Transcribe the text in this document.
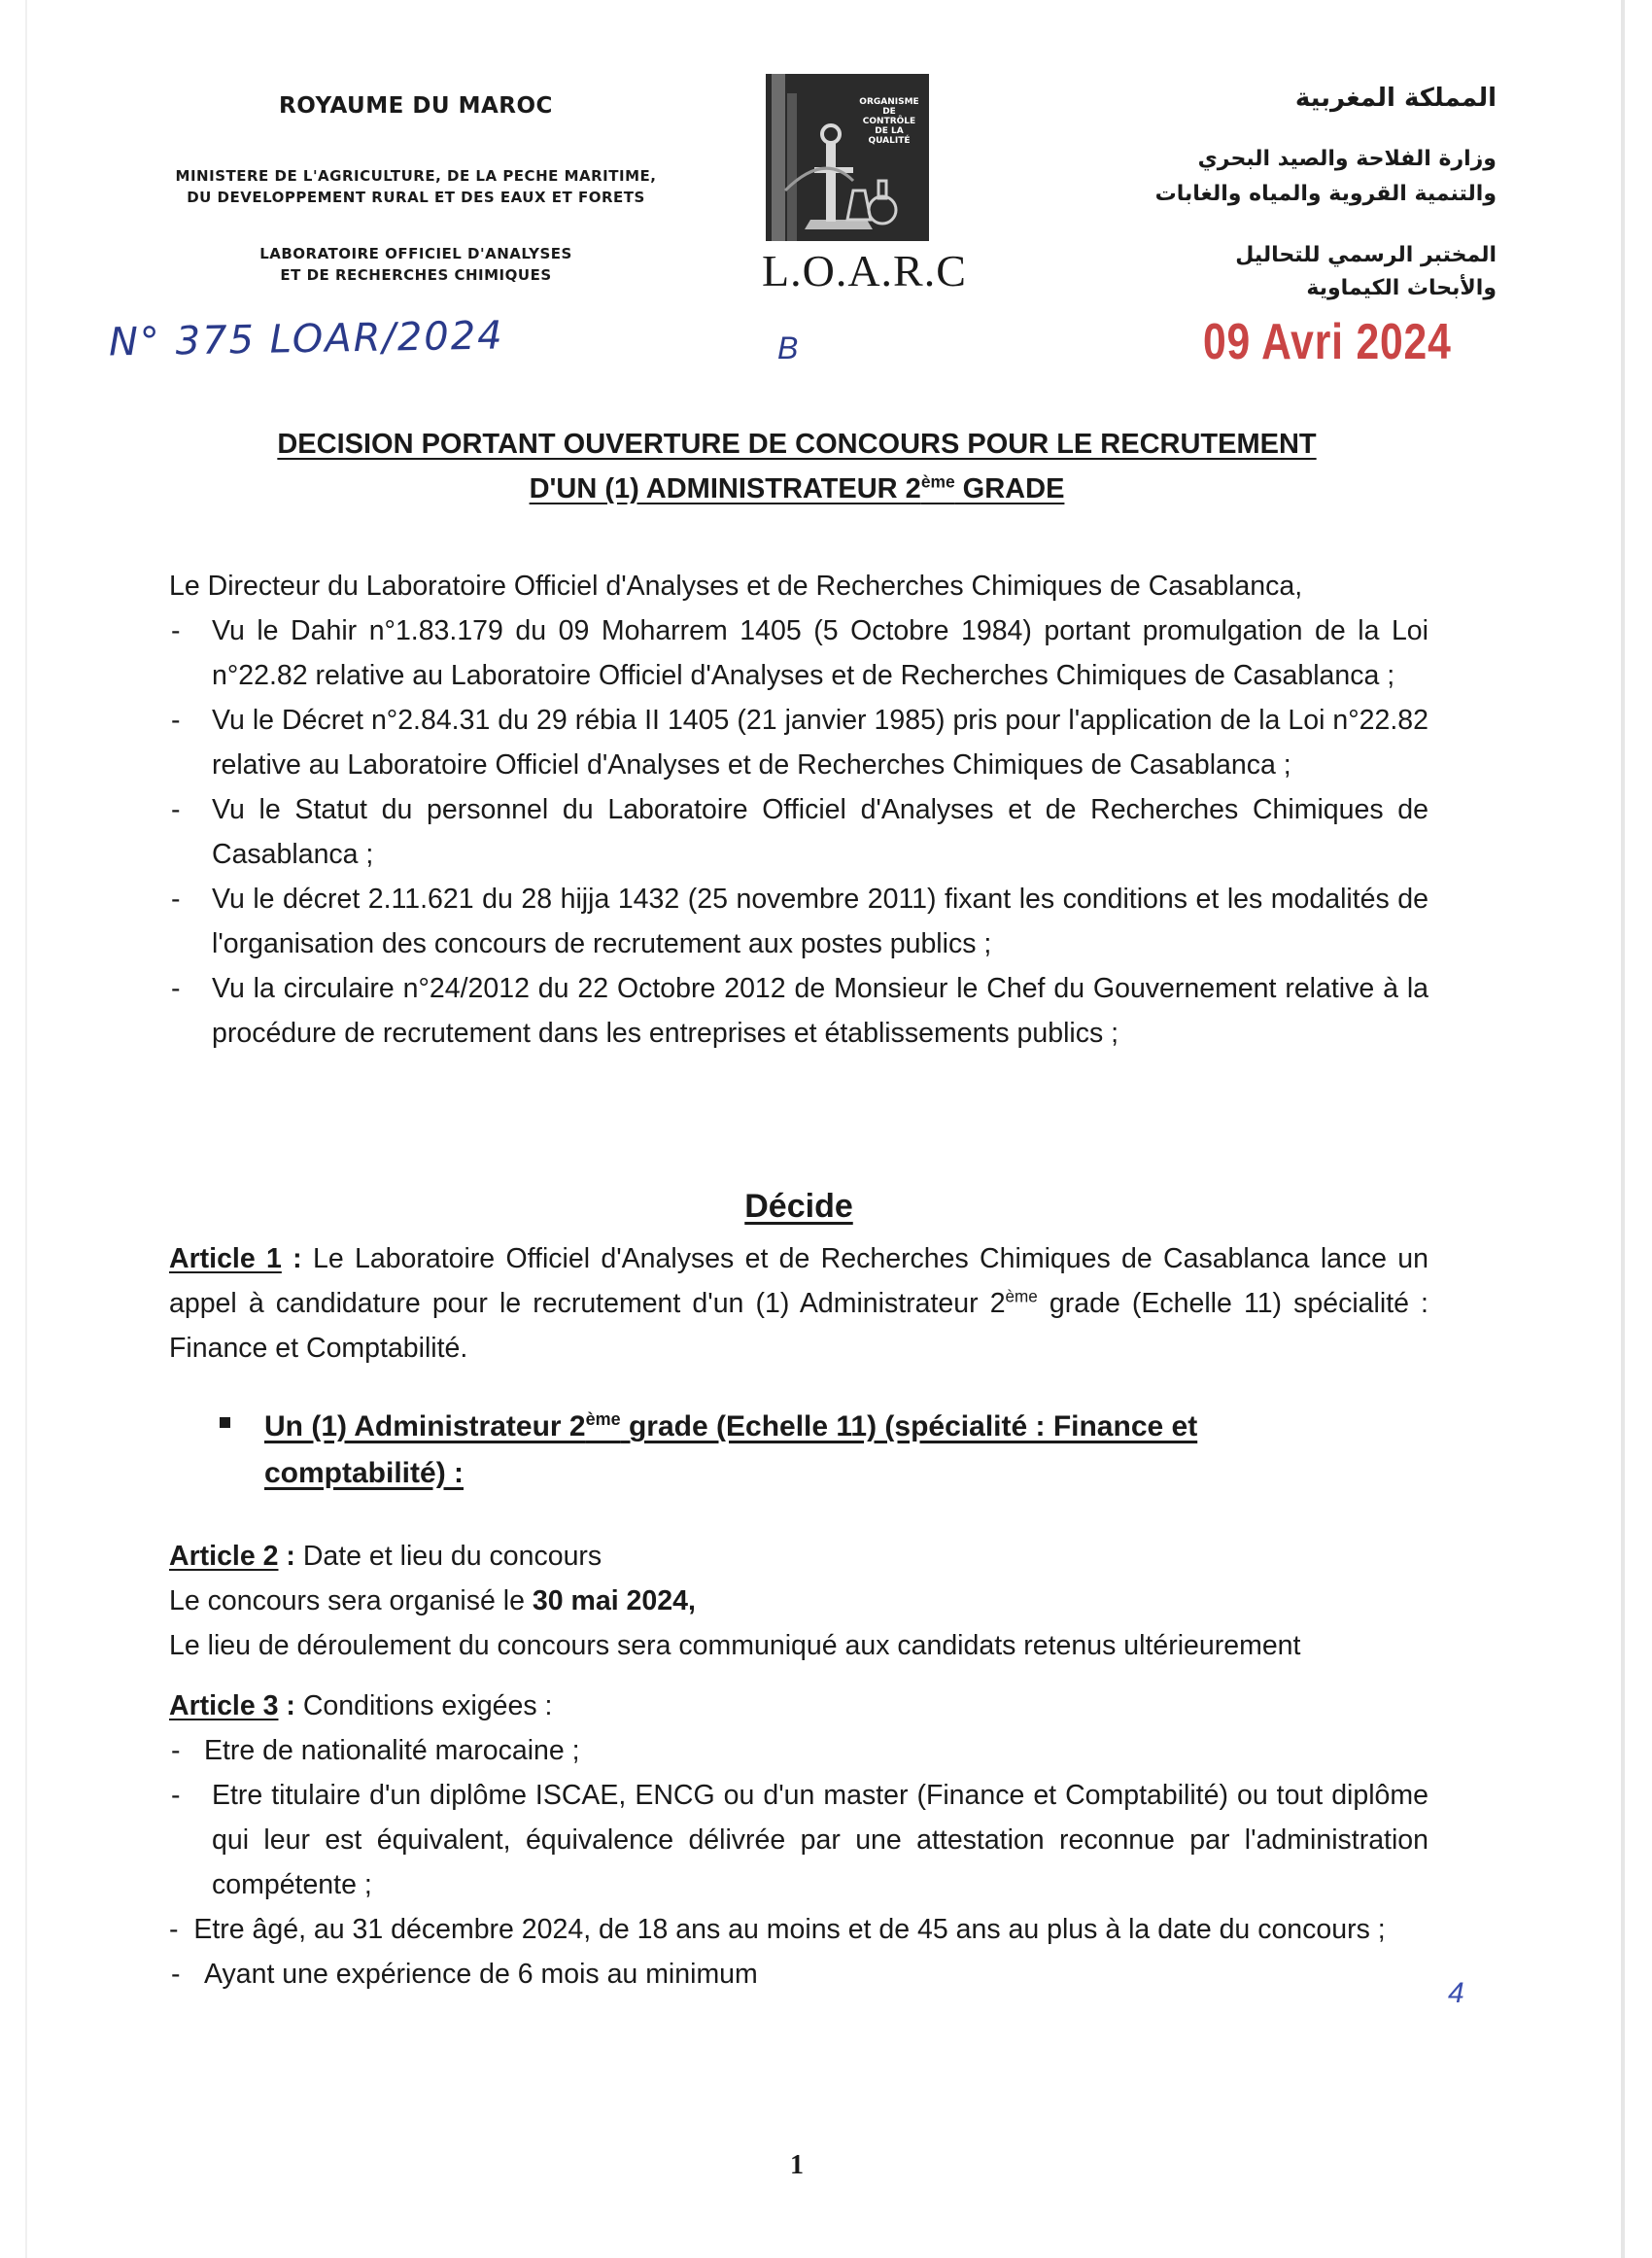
ROYAUME DU MAROC
MINISTERE DE L'AGRICULTURE, DE LA PECHE MARITIME,
DU DEVELOPPEMENT RURAL ET DES EAUX ET FORETS
LABORATOIRE OFFICIEL D'ANALYSES
ET DE RECHERCHES CHIMIQUES
ORGANISME
DE
CONTRÔLE
DE LA
QUALITÉ
L.O.A.R.C
المملكة المغربية
وزارة الفلاحة والصيد البحري
والتنمية القروية والمياه والغابات
المختبر الرسمي للتحاليل
والأبحاث الكيماوية
N° 375 LOAR/2024	B	09 Avri 2024
DECISION PORTANT OUVERTURE DE CONCOURS POUR LE RECRUTEMENT
D'UN (1) ADMINISTRATEUR 2ème GRADE
Le Directeur du Laboratoire Officiel d'Analyses et de Recherches Chimiques de Casablanca,
- Vu le Dahir n°1.83.179 du 09 Moharrem 1405 (5 Octobre 1984) portant promulgation de la Loi n°22.82 relative au Laboratoire Officiel d'Analyses et de Recherches Chimiques de Casablanca ;
- Vu le Décret n°2.84.31 du 29 rébia II 1405 (21 janvier 1985) pris pour l'application de la Loi n°22.82 relative au Laboratoire Officiel d'Analyses et de Recherches Chimiques de Casablanca ;
- Vu le Statut du personnel du Laboratoire Officiel d'Analyses et de Recherches Chimiques de Casablanca ;
- Vu le décret 2.11.621 du 28 hijja 1432 (25 novembre 2011) fixant les conditions et les modalités de l'organisation des concours de recrutement aux postes publics ;
- Vu la circulaire n°24/2012 du 22 Octobre 2012 de Monsieur le Chef du Gouvernement relative à la procédure de recrutement dans les entreprises et établissements publics ;
Décide
Article 1 : Le Laboratoire Officiel d'Analyses et de Recherches Chimiques de Casablanca lance un appel à candidature pour le recrutement d'un (1) Administrateur 2ème grade (Echelle 11) spécialité : Finance et Comptabilité.
Un (1) Administrateur 2ème grade (Echelle 11) (spécialité : Finance et comptabilité) :
Article 2 : Date et lieu du concours
Le concours sera organisé le 30 mai 2024,
Le lieu de déroulement du concours sera communiqué aux candidats retenus ultérieurement
Article 3 : Conditions exigées :
- Etre de nationalité marocaine ;
- Etre titulaire d'un diplôme ISCAE, ENCG ou d'un master (Finance et Comptabilité) ou tout diplôme qui leur est équivalent, équivalence délivrée par une attestation reconnue par l'administration compétente ;
- Etre âgé, au 31 décembre 2024, de 18 ans au moins et de 45 ans au plus à la date du concours ;
- Ayant une expérience de 6 mois au minimum
4
1
